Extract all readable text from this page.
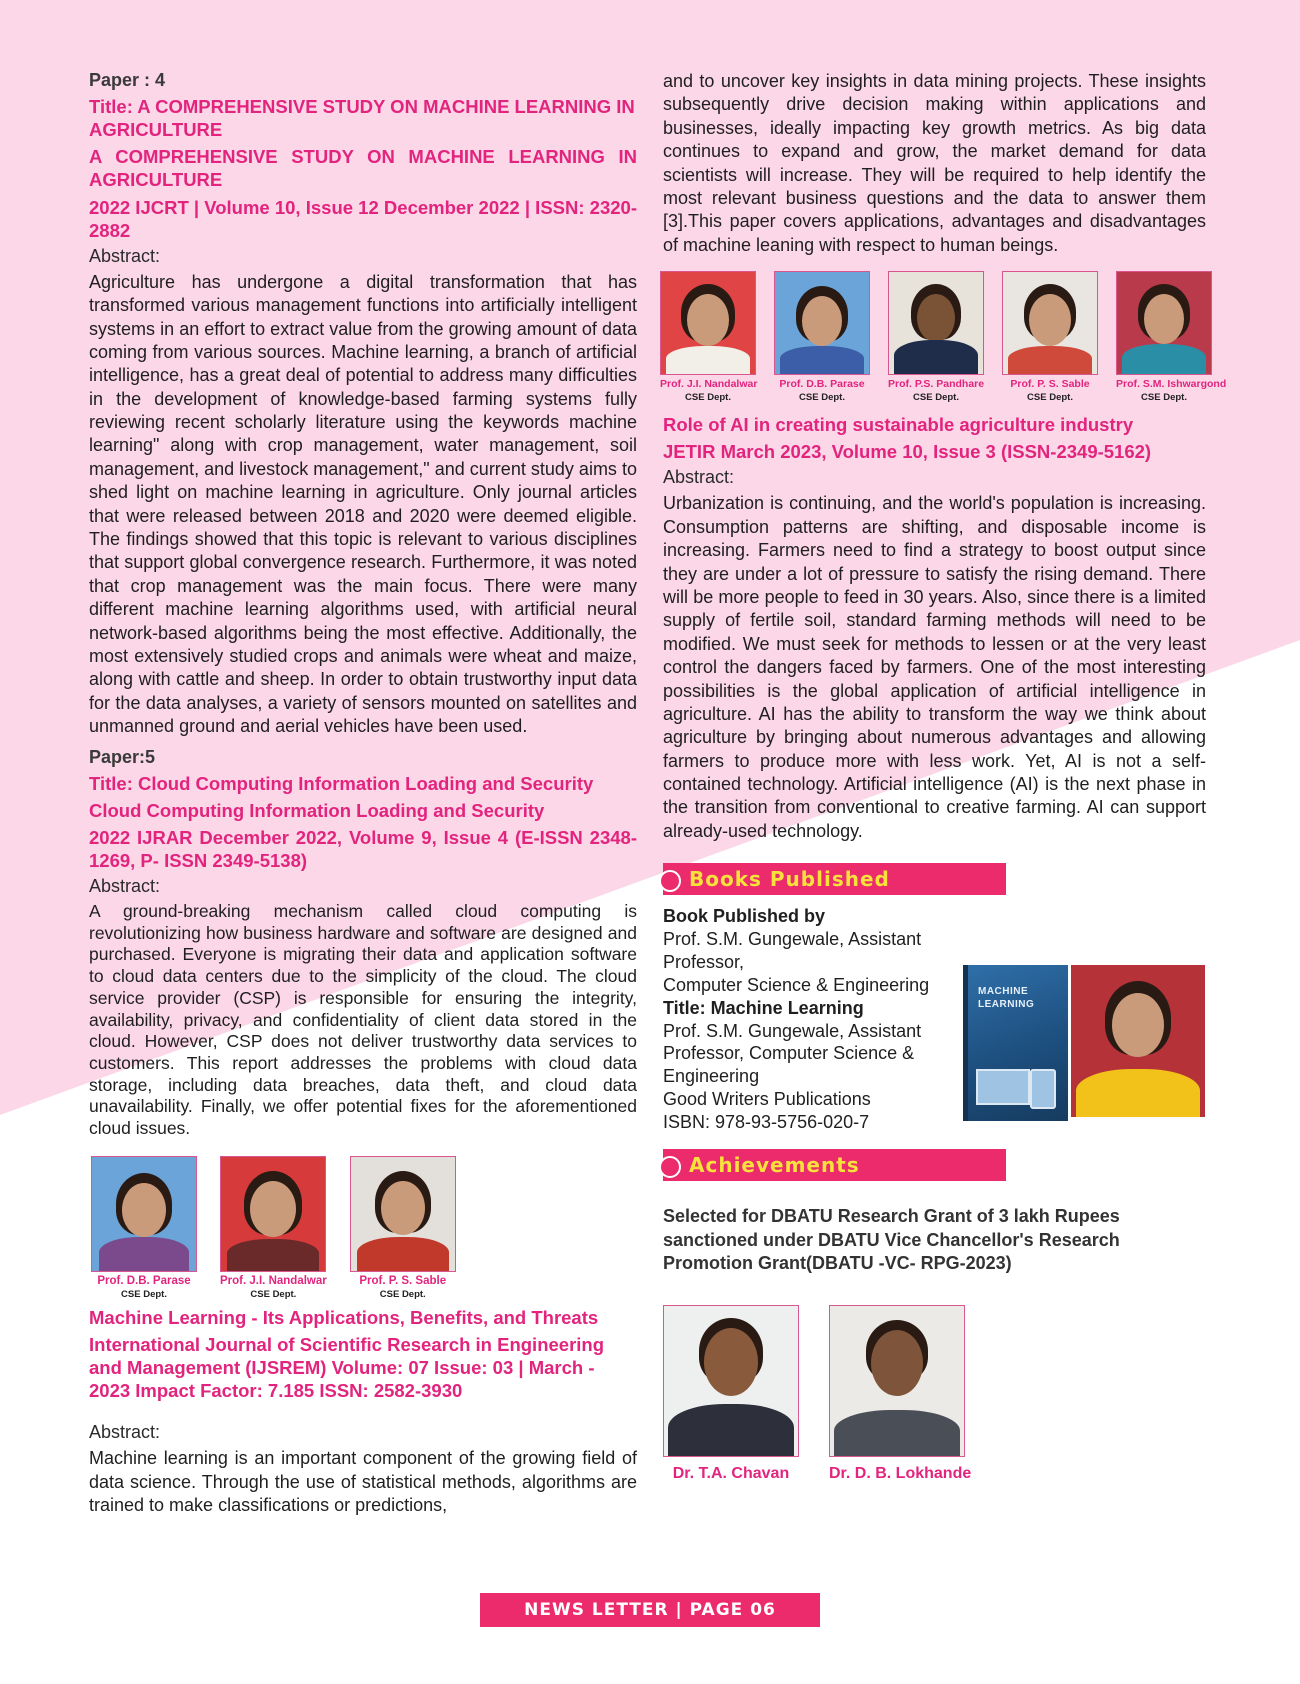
Paper : 4
Title: A COMPREHENSIVE STUDY ON MACHINE LEARNING IN AGRICULTURE
A COMPREHENSIVE STUDY ON MACHINE LEARNING IN AGRICULTURE
2022 IJCRT | Volume 10, Issue 12 December 2022 | ISSN: 2320-2882
Abstract:

Agriculture has undergone a digital transformation that has transformed various management functions into artificially intelligent systems in an effort to extract value from the growing amount of data coming from various sources. Machine learning, a branch of artificial intelligence, has a great deal of potential to address many difficulties in the development of knowledge-based farming systems fully reviewing recent scholarly literature using the keywords machine learning" along with crop management, water management, soil management, and livestock management," and current study aims to shed light on machine learning in agriculture. Only journal articles that were released between 2018 and 2020 were deemed eligible. The findings showed that this topic is relevant to various disciplines that support global convergence research. Furthermore, it was noted that crop management was the main focus. There were many different machine learning algorithms used, with artificial neural network-based algorithms being the most effective. Additionally, the most extensively studied crops and animals were wheat and maize, along with cattle and sheep. In order to obtain trustworthy input data for the data analyses, a variety of sensors mounted on satellites and unmanned ground and aerial vehicles have been used.

Paper:5
Title: Cloud Computing Information Loading and Security
Cloud Computing Information Loading and Security
2022 IJRAR December 2022, Volume 9, Issue 4 (E-ISSN 2348-1269, P- ISSN 2349-5138)
Abstract:

A ground-breaking mechanism called cloud computing is revolutionizing how business hardware and software are designed and purchased. Everyone is migrating their data and application software to cloud data centers due to the simplicity of the cloud. The cloud service provider (CSP) is responsible for ensuring the integrity, availability, privacy, and confidentiality of client data stored in the cloud. However, CSP does not deliver trustworthy data services to customers. This report addresses the problems with cloud data storage, including data breaches, data theft, and cloud data unavailability. Finally, we offer potential fixes for the aforementioned cloud issues.

Prof. D.B. Parase
CSE Dept.
Prof. J.I. Nandalwar
CSE Dept.
Prof. P. S. Sable
CSE Dept.
Machine Learning - Its Applications, Benefits, and Threats
International Journal of Scientific Research in Engineering and Management (IJSREM) Volume: 07 Issue: 03 | March - 2023 Impact Factor: 7.185 ISSN: 2582-3930
Abstract:

Machine learning is an important component of the growing field of data science. Through the use of statistical methods, algorithms are trained to make classifications or predictions,

and to uncover key insights in data mining projects. These insights subsequently drive decision making within applications and businesses, ideally impacting key growth metrics. As big data continues to expand and grow, the market demand for data scientists will increase. They will be required to help identify the most relevant business questions and the data to answer them [3].This paper covers applications, advantages and disadvantages of machine leaning with respect to human beings.

Prof. J.I. Nandalwar
CSE Dept.
Prof. D.B. Parase
CSE Dept.
Prof. P.S. Pandhare
CSE Dept.
Prof. P. S. Sable
CSE Dept.
Prof. S.M. Ishwargond
CSE Dept.
Role of AI in creating sustainable agriculture industry
JETIR March 2023, Volume 10, Issue 3 (ISSN-2349-5162)
Abstract:

Urbanization is continuing, and the world's population is increasing. Consumption patterns are shifting, and disposable income is increasing. Farmers need to find a strategy to boost output since they are under a lot of pressure to satisfy the rising demand. There will be more people to feed in 30 years. Also, since there is a limited supply of fertile soil, standard farming methods will need to be modified. We must seek for methods to lessen or at the very least control the dangers faced by farmers. One of the most interesting possibilities is the global application of artificial intelligence in agriculture. AI has the ability to transform the way we think about agriculture by bringing about numerous advantages and allowing farmers to produce more with less work. Yet, AI is not a self-contained technology. Artificial intelligence (AI) is the next phase in the transition from conventional to creative farming. AI can support already-used technology.

Books Published
Book Published by
Prof. S.M. Gungewale, Assistant Professor,
Computer Science & Engineering
Title: Machine Learning
Prof. S.M. Gungewale, Assistant Professor, Computer Science & Engineering
Good Writers Publications
ISBN: 978-93-5756-020-7
MACHINE LEARNING
Achievements
Selected for DBATU Research Grant of 3 lakh Rupees sanctioned under DBATU Vice Chancellor's Research Promotion Grant(DBATU -VC- RPG-2023)
Dr. T.A. Chavan	Dr. D. B. Lokhande
NEWS LETTER | PAGE 06
